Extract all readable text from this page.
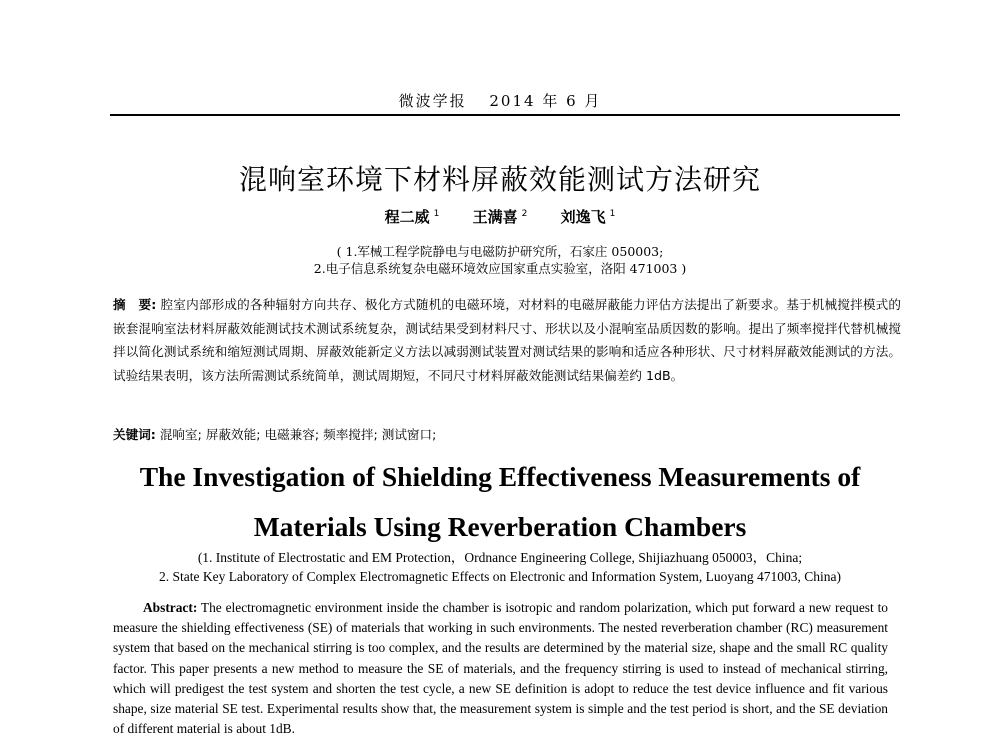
微波学报 2014 年 6 月
混响室环境下材料屏蔽效能测试方法研究
程二威 $^1$ 王满喜 $^2$ 刘逸飞 $^1$
( 1.军械工程学院静电与电磁防护研究所，石家庄 050003;
2.电子信息系统复杂电磁环境效应国家重点实验室，洛阳 471003 )
摘　要: 腔室内部形成的各种辐射方向共存、极化方式随机的电磁环境，对材料的电磁屏蔽能力评估方法提出了新要求。基于机械搅拌模式的嵌套混响室法材料屏蔽效能测试技术测试系统复杂，测试结果受到材料尺寸、形状以及小混响室品质因数的影响。提出了频率搅拌代替机械搅拌以简化测试系统和缩短测试周期、屏蔽效能新定义方法以减弱测试装置对测试结果的影响和适应各种形状、尺寸材料屏蔽效能测试的方法。试验结果表明，该方法所需测试系统简单，测试周期短，不同尺寸材料屏蔽效能测试结果偏差约 1dB。
关键词: 混响室; 屏蔽效能; 电磁兼容; 频率搅拌; 测试窗口;
The Investigation of Shielding Effectiveness Measurements of
Materials Using Reverberation Chambers
(1. Institute of Electrostatic and EM Protection，Ordnance Engineering College, Shijiazhuang 050003，China;
2. State Key Laboratory of Complex Electromagnetic Effects on Electronic and Information System, Luoyang 471003, China)
Abstract: The electromagnetic environment inside the chamber is isotropic and random polarization, which put forward a new request to measure the shielding effectiveness (SE) of materials that working in such environments. The nested reverberation chamber (RC) measurement system that based on the mechanical stirring is too complex, and the results are determined by the material size, shape and the small RC quality factor. This paper presents a new method to measure the SE of materials, and the frequency stirring is used to instead of mechanical stirring, which will predigest the test system and shorten the test cycle, a new SE definition is adopt to reduce the test device influence and fit various shape, size material SE test. Experimental results show that, the measurement system is simple and the test period is short, and the SE deviation of different material is about 1dB.
